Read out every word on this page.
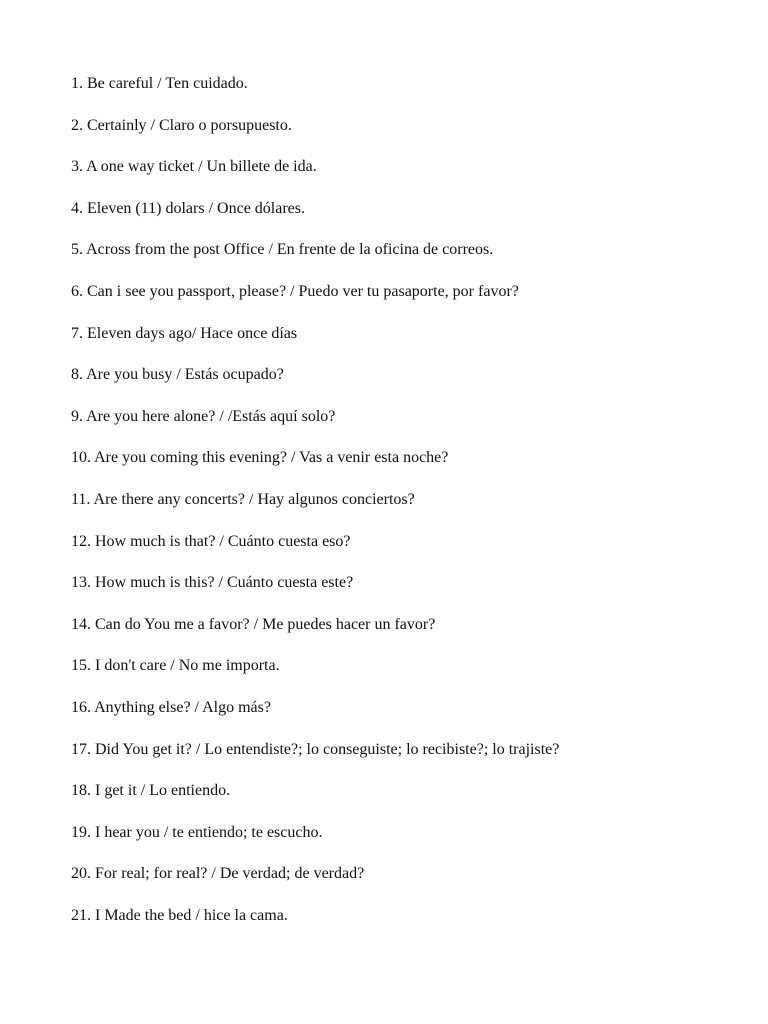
1. Be careful / Ten cuidado.
2. Certainly / Claro o porsupuesto.
3. A one way ticket / Un billete de ida.
4. Eleven (11) dolars / Once dólares.
5. Across from the post Office / En frente de la oficina de correos.
6. Can i see you passport, please? / Puedo ver tu pasaporte, por favor?
7. Eleven days ago/ Hace once días
8. Are you busy / Estás ocupado?
9. Are you here alone? / /Estás aquí solo?
10. Are you coming this evening? / Vas a venir esta noche?
11. Are there any concerts? / Hay algunos conciertos?
12. How much is that? / Cuánto cuesta eso?
13. How much is this? / Cuánto cuesta este?
14. Can do You me a favor? / Me puedes hacer un favor?
15. I don't care / No me importa.
16. Anything else? / Algo más?
17. Did You get it? / Lo entendiste?; lo conseguiste; lo recibiste?; lo trajiste?
18. I get it / Lo entiendo.
19. I hear you / te entiendo; te escucho.
20. For real; for real? / De verdad; de verdad?
21. I Made the bed / hice la cama.
